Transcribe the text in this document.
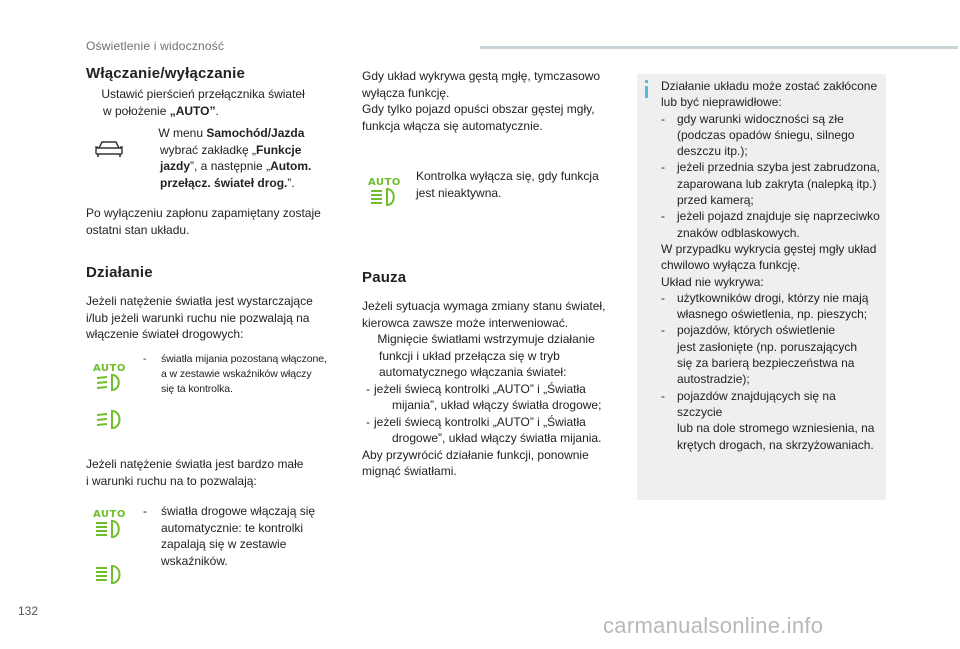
Oświetlenie i widoczność
Włączanie/wyłączanie
Ustawić pierścień przełącznika świateł
w położenie „AUTO”.
W menu Samochód/Jazda
wybrać zakładkę „Funkcje
jazdy”, a następnie „Autom.
przełącz. świateł drog.”.
Po wyłączeniu zapłonu zapamiętany zostaje
ostatni stan układu.
Działanie
Jeżeli natężenie światła jest wystarczające
i/lub jeżeli warunki ruchu nie pozwalają na
włączenie świateł drogowych:
AUTO
- światła mijania pozostaną włączone,
a w zestawie wskaźników włączy
się ta kontrolka.
Jeżeli natężenie światła jest bardzo małe
i warunki ruchu na to pozwalają:
AUTO - światła drogowe włączają się
automatycznie: te kontrolki
zapalają się w zestawie
wskaźników.
Gdy układ wykrywa gęstą mgłę, tymczasowo
wyłącza funkcję.
Gdy tylko pojazd opuści obszar gęstej mgły,
funkcja włącza się automatycznie.
AUTO Kontrolka wyłącza się, gdy funkcja
jest nieaktywna.
Pauza
Jeżeli sytuacja wymaga zmiany stanu świateł,
kierowca zawsze może interweniować.
Mignięcie światłami wstrzymuje działanie
funkcji i układ przełącza się w tryb
automatycznego włączania świateł:
- jeżeli świecą kontrolki „AUTO” i „Światła
mijania”, układ włączy światła drogowe;
- jeżeli świecą kontrolki „AUTO” i „Światła
drogowe”, układ włączy światła mijania.
Aby przywrócić działanie funkcji, ponownie
mignąć światłami.
Działanie układu może zostać zakłócone
lub być nieprawidłowe:
- gdy warunki widoczności są złe
(podczas opadów śniegu, silnego
deszczu itp.);
- jeżeli przednia szyba jest zabrudzona,
zaparowana lub zakryta (nalepką itp.)
przed kamerą;
- jeżeli pojazd znajduje się naprzeciwko
znaków odblaskowych.
W przypadku wykrycia gęstej mgły układ
chwilowo wyłącza funkcję.
Układ nie wykrywa:
- użytkowników drogi, którzy nie mają
własnego oświetlenia, np. pieszych;
- pojazdów, których oświetlenie
jest zasłonięte (np. poruszających
się za barierą bezpieczeństwa na
autostradzie);
- pojazdów znajdujących się na szczycie
lub na dole stromego wzniesienia, na
krętych drogach, na skrzyżowaniach.
132
carmanualsonline.info
